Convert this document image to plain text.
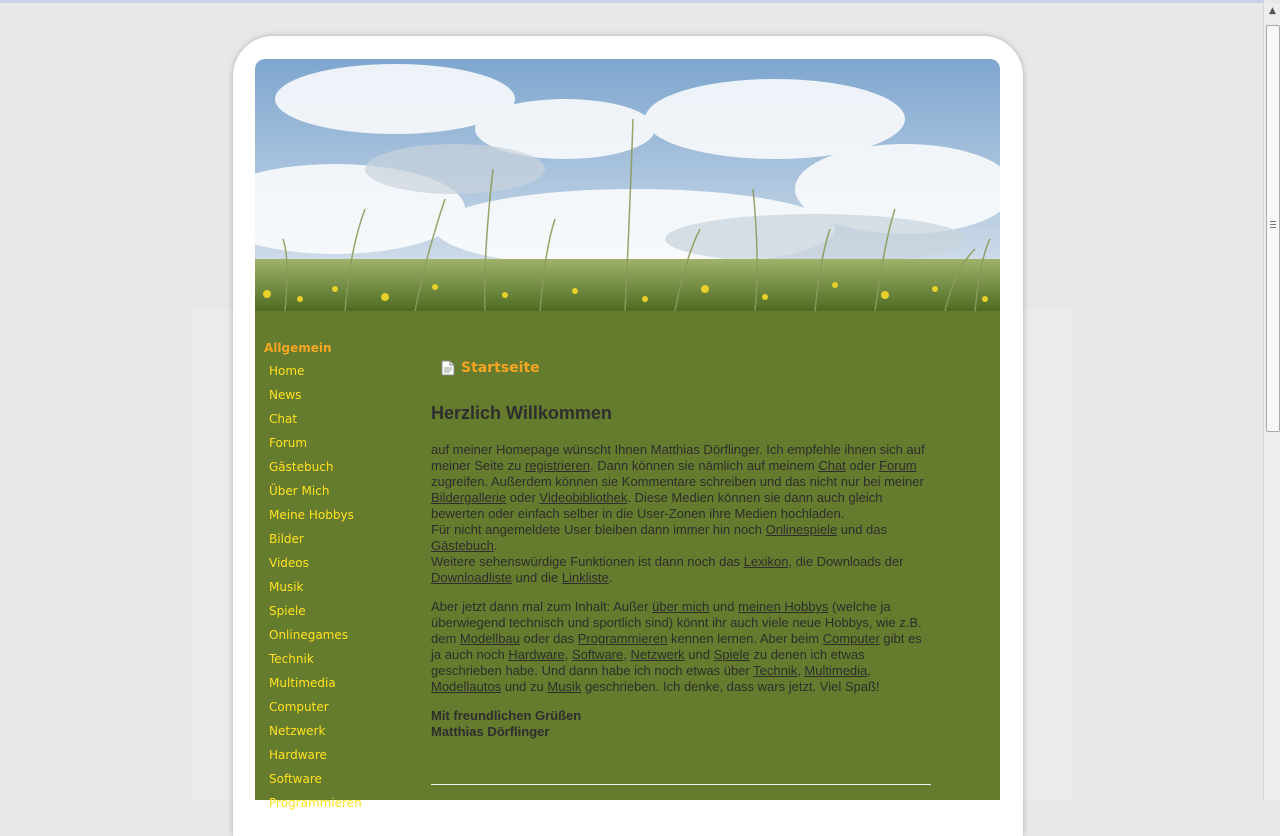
Allgemein
Home
News
Chat
Forum
Gästebuch
Über Mich
Meine Hobbys
Bilder
Videos
Musik
Spiele
Onlinegames
Technik
Multimedia
Computer
Netzwerk
Hardware
Software
Programmieren
Startseite
Herzlich Willkommen

auf meiner Homepage wünscht Ihnen Matthias Dörflinger. Ich empfehle ihnen sich auf meiner Seite zu registrieren. Dann können sie nämlich auf meinem Chat oder Forum zugreifen. Außerdem können sie Kommentare schreiben und das nicht nur bei meiner Bildergallerie oder Videobibliothek. Diese Medien können sie dann auch gleich bewerten oder einfach selber in die User-Zonen ihre Medien hochladen.
Für nicht angemeldete User bleiben dann immer hin noch Onlinespiele und das Gästebuch.
Weitere sehenswürdige Funktionen ist dann noch das Lexikon, die Downloads der Downloadliste und die Linkliste.

Aber jetzt dann mal zum Inhalt: Außer über mich und meinen Hobbys (welche ja überwiegend technisch und sportlich sind) könnt ihr auch viele neue Hobbys, wie z.B. dem Modellbau oder das Programmieren kennen lernen. Aber beim Computer gibt es ja auch noch Hardware, Software, Netzwerk und Spiele zu denen ich etwas geschrieben habe. Und dann habe ich noch etwas über Technik, Multimedia, Modellautos und zu Musik geschrieben. Ich denke, dass wars jetzt. Viel Spaß!

Mit freundlichen Grüßen
Matthias Dörflinger

▲
